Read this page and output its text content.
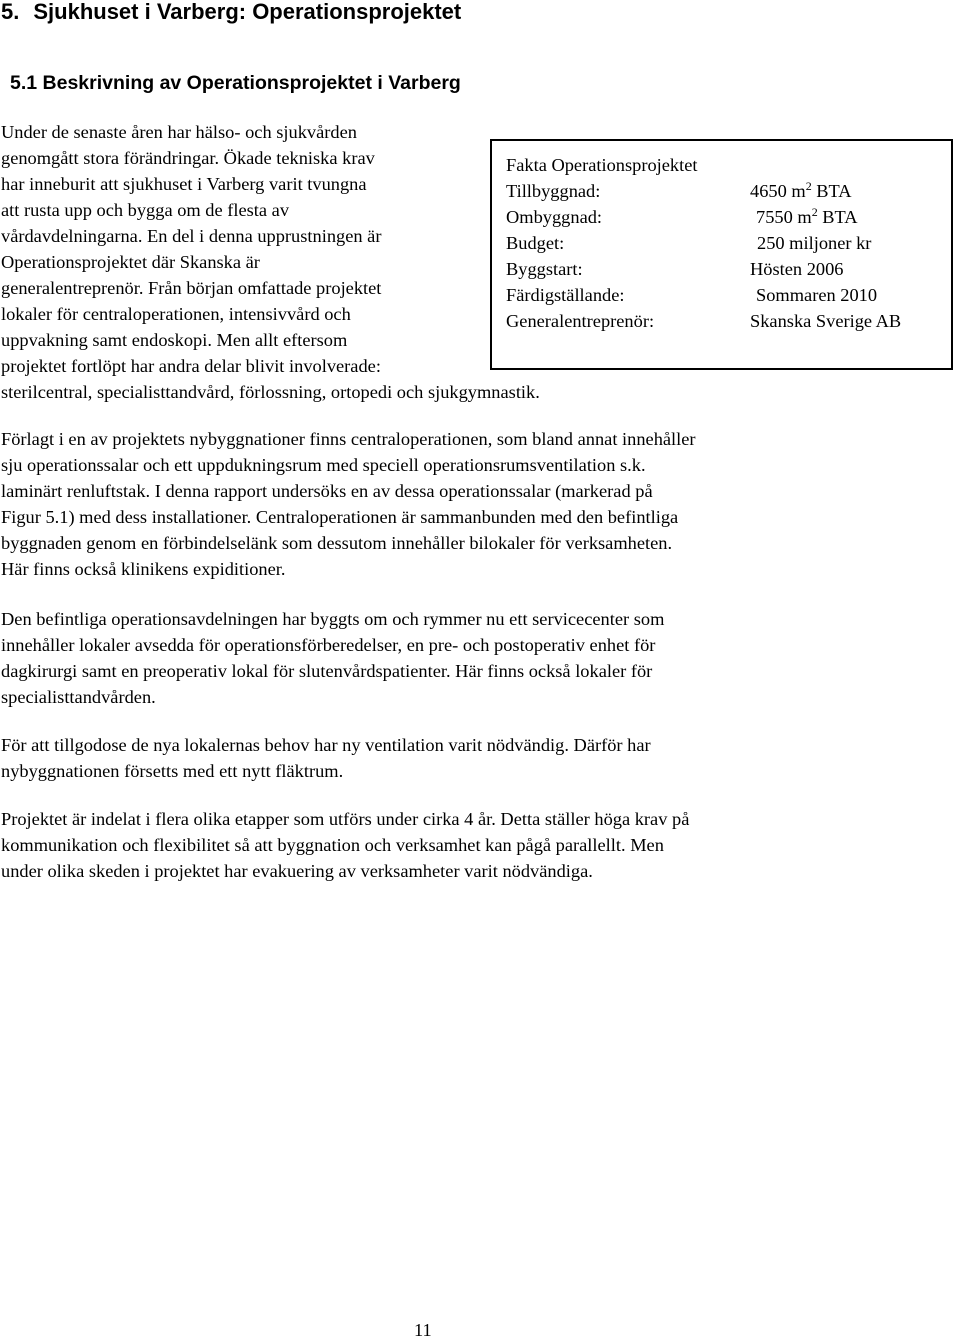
5. Sjukhuset i Varberg: Operationsprojektet
5.1 Beskrivning av Operationsprojektet i Varberg

Under de senaste åren har hälso- och sjukvården
genomgått stora förändringar. Ökade tekniska krav
har inneburit att sjukhuset i Varberg varit tvungna
att rusta upp och bygga om de flesta av
vårdavdelningarna. En del i denna upprustningen är
Operationsprojektet där Skanska är
generalentreprenör. Från början omfattade projektet
lokaler för centraloperationen, intensivvård och
uppvakning samt endoskopi. Men allt eftersom
projektet fortlöpt har andra delar blivit involverade:
sterilcentral, specialisttandvård, förlossning, ortopedi och sjukgymnastik.

Fakta Operationsprojektet
Tillbyggnad:	4650 $m^2$ BTA
Ombyggnad:	7550 $m^2$ BTA
Budget:	250 miljoner kr
Byggstart:	Hösten 2006
Färdigställande:	Sommaren 2010
Generalentreprenör:	Skanska Sverige AB

Förlagt i en av projektets nybyggnationer finns centraloperationen, som bland annat innehåller
sju operationssalar och ett uppdukningsrum med speciell operationsrumsventilation s.k.
laminärt renluftstak. I denna rapport undersöks en av dessa operationssalar (markerad på
Figur 5.1) med dess installationer. Centraloperationen är sammanbunden med den befintliga
byggnaden genom en förbindelselänk som dessutom innehåller bilokaler för verksamheten.
Här finns också klinikens expiditioner.

Den befintliga operationsavdelningen har byggts om och rymmer nu ett servicecenter som
innehåller lokaler avsedda för operationsförberedelser, en pre- och postoperativ enhet för
dagkirurgi samt en preoperativ lokal för slutenvårdspatienter. Här finns också lokaler för
specialisttandvården.

För att tillgodose de nya lokalernas behov har ny ventilation varit nödvändig. Därför har
nybyggnationen försetts med ett nytt fläktrum.

Projektet är indelat i flera olika etapper som utförs under cirka 4 år. Detta ställer höga krav på
kommunikation och flexibilitet så att byggnation och verksamhet kan pågå parallellt. Men
under olika skeden i projektet har evakuering av verksamheter varit nödvändiga.

11
